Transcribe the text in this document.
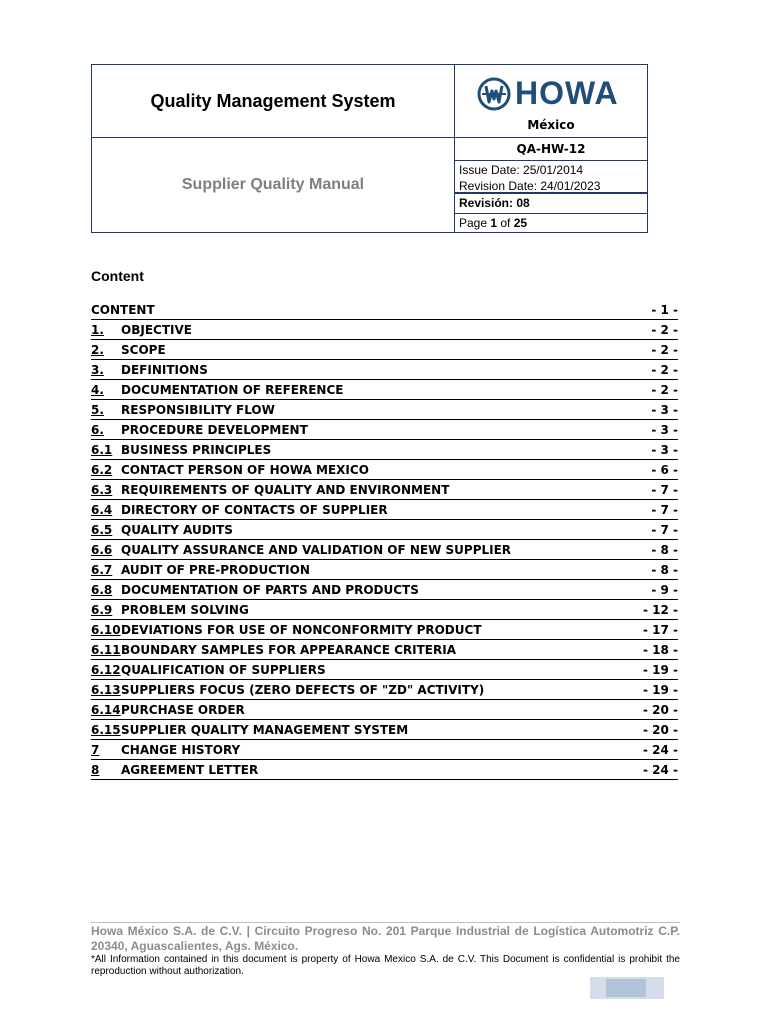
Quality Management System	HOWA
México
Supplier Quality Manual
QA-HW-12
Issue Date: 25/01/2014
Revision Date: 24/01/2023
Revisión: 08
Page 1 of 25
Content
CONTENT	- 1 -
1. OBJECTIVE	- 2 -
2. SCOPE	- 2 -
3. DEFINITIONS	- 2 -
4. DOCUMENTATION OF REFERENCE	- 2 -
5. RESPONSIBILITY FLOW	- 3 -
6. PROCEDURE DEVELOPMENT	- 3 -
6.1 BUSINESS PRINCIPLES	- 3 -
6.2 CONTACT PERSON OF HOWA MEXICO	- 6 -
6.3 REQUIREMENTS OF QUALITY AND ENVIRONMENT	- 7 -
6.4 DIRECTORY OF CONTACTS OF SUPPLIER	- 7 -
6.5 QUALITY AUDITS	- 7 -
6.6 QUALITY ASSURANCE AND VALIDATION OF NEW SUPPLIER	- 8 -
6.7 AUDIT OF PRE-PRODUCTION	- 8 -
6.8 DOCUMENTATION OF PARTS AND PRODUCTS	- 9 -
6.9 PROBLEM SOLVING	- 12 -
6.10 DEVIATIONS FOR USE OF NONCONFORMITY PRODUCT	- 17 -
6.11 BOUNDARY SAMPLES FOR APPEARANCE CRITERIA	- 18 -
6.12 QUALIFICATION OF SUPPLIERS	- 19 -
6.13 SUPPLIERS FOCUS (ZERO DEFECTS OF "ZD" ACTIVITY)	- 19 -
6.14 PURCHASE ORDER	- 20 -
6.15 SUPPLIER QUALITY MANAGEMENT SYSTEM	- 20 -
7 CHANGE HISTORY	- 24 -
8 AGREEMENT LETTER	- 24 -
Howa México S.A. de C.V. | Circuito Progreso No. 201 Parque Industrial de Logística Automotriz C.P. 20340, Aguascalientes, Ags. México.
*All Information contained in this document is property of Howa Mexico S.A. de C.V. This Document is confidential is prohibit the reproduction without authorization.
